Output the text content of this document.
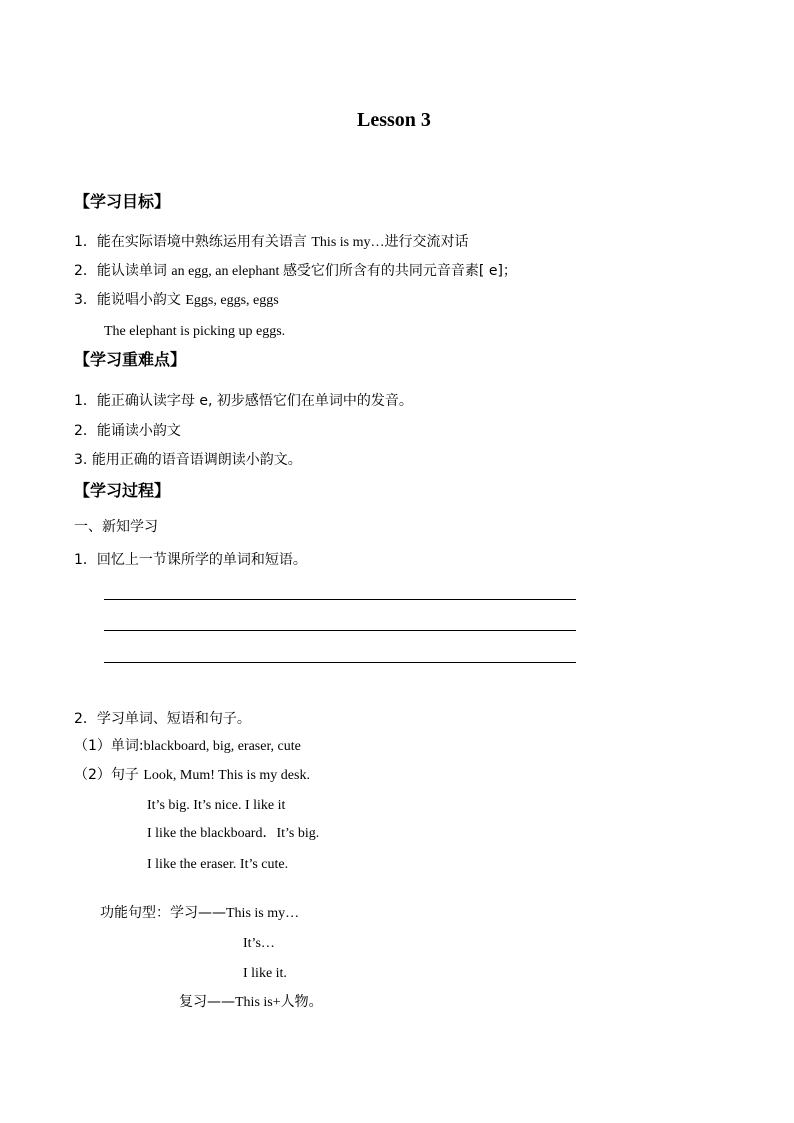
Lesson 3
【学习目标】
1．能在实际语境中熟练运用有关语言 This is my…进行交流对话
2．能认读单词 an egg, an elephant 感受它们所含有的共同元音音素[ e]；
3．能说唱小韵文 Eggs, eggs, eggs
The elephant is picking up eggs.
【学习重难点】
1．能正确认读字母 e, 初步感悟它们在单词中的发音。
2．能诵读小韵文
3. 能用正确的语音语调朗读小韵文。
【学习过程】
一、新知学习
1．回忆上一节课所学的单词和短语。
2．学习单词、短语和句子。
（1）单词:blackboard, big, eraser, cute
（2）句子 Look, Mum! This is my desk.
It’s big. It’s nice. I like it
I like the blackboard．It’s big.
I like the eraser. It’s cute.
功能句型：学习——This is my…
It’s…
I like it.
复习——This is+人物。
